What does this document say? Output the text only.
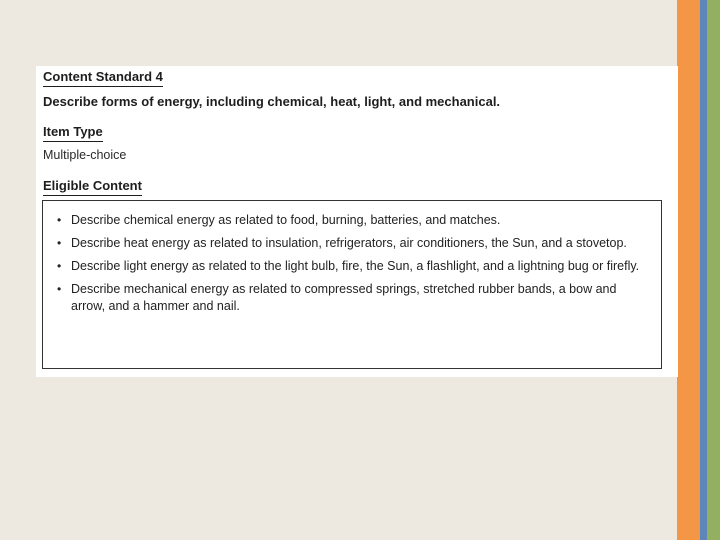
Content Standard 4
Describe forms of energy, including chemical, heat, light, and mechanical.
Item Type
Multiple-choice
Eligible Content
• Describe chemical energy as related to food, burning, batteries, and matches.
• Describe heat energy as related to insulation, refrigerators, air conditioners, the Sun, and a stovetop.
• Describe light energy as related to the light bulb, fire, the Sun, a flashlight, and a lightning bug or firefly.
• Describe mechanical energy as related to compressed springs, stretched rubber bands, a bow and arrow, and a hammer and nail.
